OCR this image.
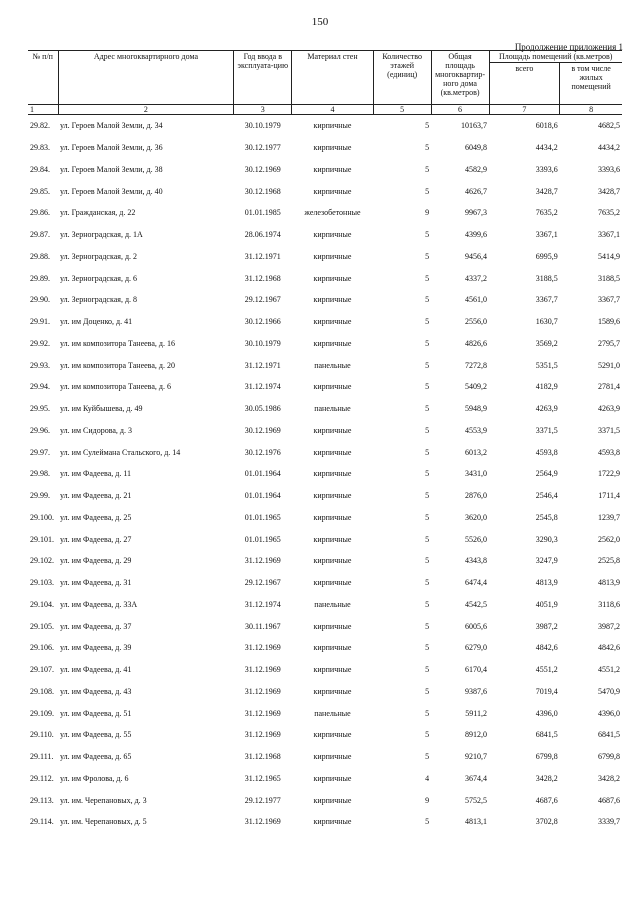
150
Продолжение приложения 1
№ п/п	Адрес многоквартирного дома	Год ввода в эксплуата-цию	Материал стен	Количество этажей (единиц)	Общая площадь многоквартир-ного дома (кв.метров)	Площадь помещений (кв.метров)	
						всего	в том числе жилых помещений
1	2	3	4	5	6	7	8
29.82.	ул. Героев Малой Земли, д. 34	30.10.1979	кирпичные	5	10163,7	6018,6	4682,5
29.83.	ул. Героев Малой Земли, д. 36	30.12.1977	кирпичные	5	6049,8	4434,2	4434,2
29.84.	ул. Героев Малой Земли, д. 38	30.12.1969	кирпичные	5	4582,9	3393,6	3393,6
29.85.	ул. Героев Малой Земли, д. 40	30.12.1968	кирпичные	5	4626,7	3428,7	3428,7
29.86.	ул. Гражданская, д. 22	01.01.1985	железобетонные	9	9967,3	7635,2	7635,2
29.87.	ул. Зерноградская, д. 1А	28.06.1974	кирпичные	5	4399,6	3367,1	3367,1
29.88.	ул. Зерноградская, д. 2	31.12.1971	кирпичные	5	9456,4	6995,9	5414,9
29.89.	ул. Зерноградская, д. 6	31.12.1968	кирпичные	5	4337,2	3188,5	3188,5
29.90.	ул. Зерноградская, д. 8	29.12.1967	кирпичные	5	4561,0	3367,7	3367,7
29.91.	ул. им Доценко, д. 41	30.12.1966	кирпичные	5	2556,0	1630,7	1589,6
29.92.	ул. им композитора Танеева, д. 16	30.10.1979	кирпичные	5	4826,6	3569,2	2795,7
29.93.	ул. им композитора Танеева, д. 20	31.12.1971	панельные	5	7272,8	5351,5	5291,0
29.94.	ул. им композитора Танеева, д. 6	31.12.1974	кирпичные	5	5409,2	4182,9	2781,4
29.95.	ул. им Куйбышева, д. 49	30.05.1986	панельные	5	5948,9	4263,9	4263,9
29.96.	ул. им Сидорова, д. 3	30.12.1969	кирпичные	5	4553,9	3371,5	3371,5
29.97.	ул. им Сулеймана Стальского, д. 14	30.12.1976	кирпичные	5	6013,2	4593,8	4593,8
29.98.	ул. им Фадеева, д. 11	01.01.1964	кирпичные	5	3431,0	2564,9	1722,9
29.99.	ул. им Фадеева, д. 21	01.01.1964	кирпичные	5	2876,0	2546,4	1711,4
29.100.	ул. им Фадеева, д. 25	01.01.1965	кирпичные	5	3620,0	2545,8	1239,7
29.101.	ул. им Фадеева, д. 27	01.01.1965	кирпичные	5	5526,0	3290,3	2562,0
29.102.	ул. им Фадеева, д. 29	31.12.1969	кирпичные	5	4343,8	3247,9	2525,8
29.103.	ул. им Фадеева, д. 31	29.12.1967	кирпичные	5	6474,4	4813,9	4813,9
29.104.	ул. им Фадеева, д. 33А	31.12.1974	панельные	5	4542,5	4051,9	3118,6
29.105.	ул. им Фадеева, д. 37	30.11.1967	кирпичные	5	6005,6	3987,2	3987,2
29.106.	ул. им Фадеева, д. 39	31.12.1969	кирпичные	5	6279,0	4842,6	4842,6
29.107.	ул. им Фадеева, д. 41	31.12.1969	кирпичные	5	6170,4	4551,2	4551,2
29.108.	ул. им Фадеева, д. 43	31.12.1969	кирпичные	5	9387,6	7019,4	5470,9
29.109.	ул. им Фадеева, д. 51	31.12.1969	панельные	5	5911,2	4396,0	4396,0
29.110.	ул. им Фадеева, д. 55	31.12.1969	кирпичные	5	8912,0	6841,5	6841,5
29.111.	ул. им Фадеева, д. 65	31.12.1968	кирпичные	5	9210,7	6799,8	6799,8
29.112.	ул. им Фролова, д. 6	31.12.1965	кирпичные	4	3674,4	3428,2	3428,2
29.113.	ул. им. Черепановых, д. 3	29.12.1977	кирпичные	9	5752,5	4687,6	4687,6
29.114.	ул. им. Черепановых, д. 5	31.12.1969	кирпичные	5	4813,1	3702,8	3339,7
